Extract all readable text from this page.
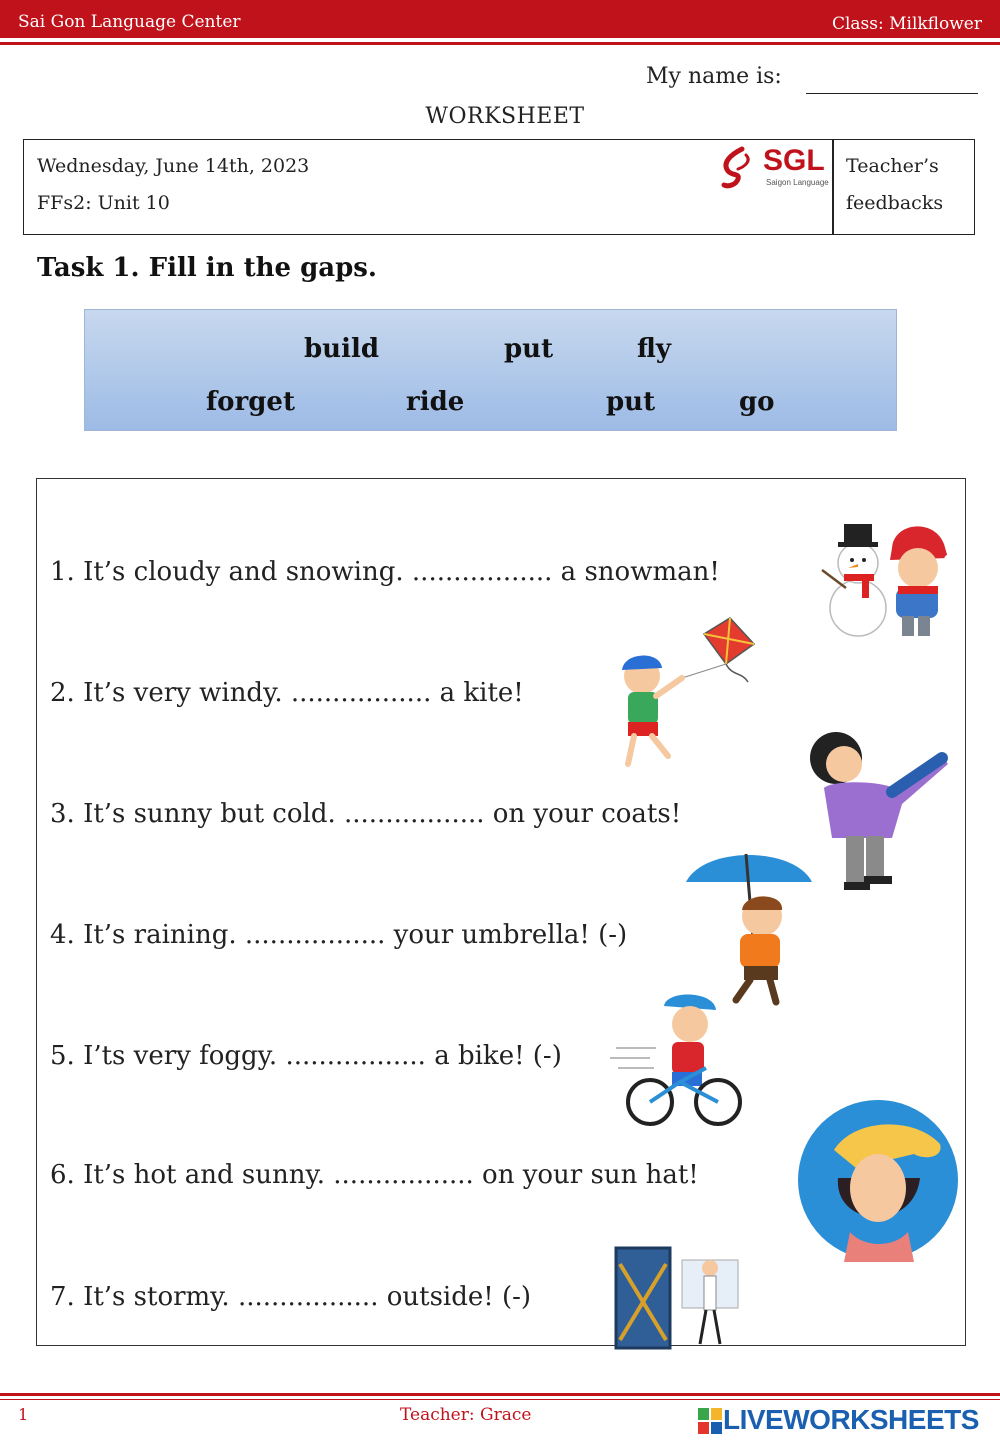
Sai Gon Language Center	Class: Milkflower
My name is:
WORKSHEET
Wednesday, June 14th, 2023
FFs2: Unit 10
Teacher’s
feedbacks
SGL
Saigon Language
Task 1. Fill in the gaps.
build	put	fly
forget	ride	put	go
1. It’s cloudy and snowing. ................. a snowman!
2. It’s very windy. ................. a kite!
3. It’s sunny but cold. ................. on your coats!
4. It’s raining. ................. your umbrella! (-)
5. I’ts very foggy. ................. a bike! (-)
6. It’s hot and sunny. ................. on your sun hat!
7. It’s stormy. ................. outside! (-)
1	Teacher: Grace	LIVEWORKSHEETS
